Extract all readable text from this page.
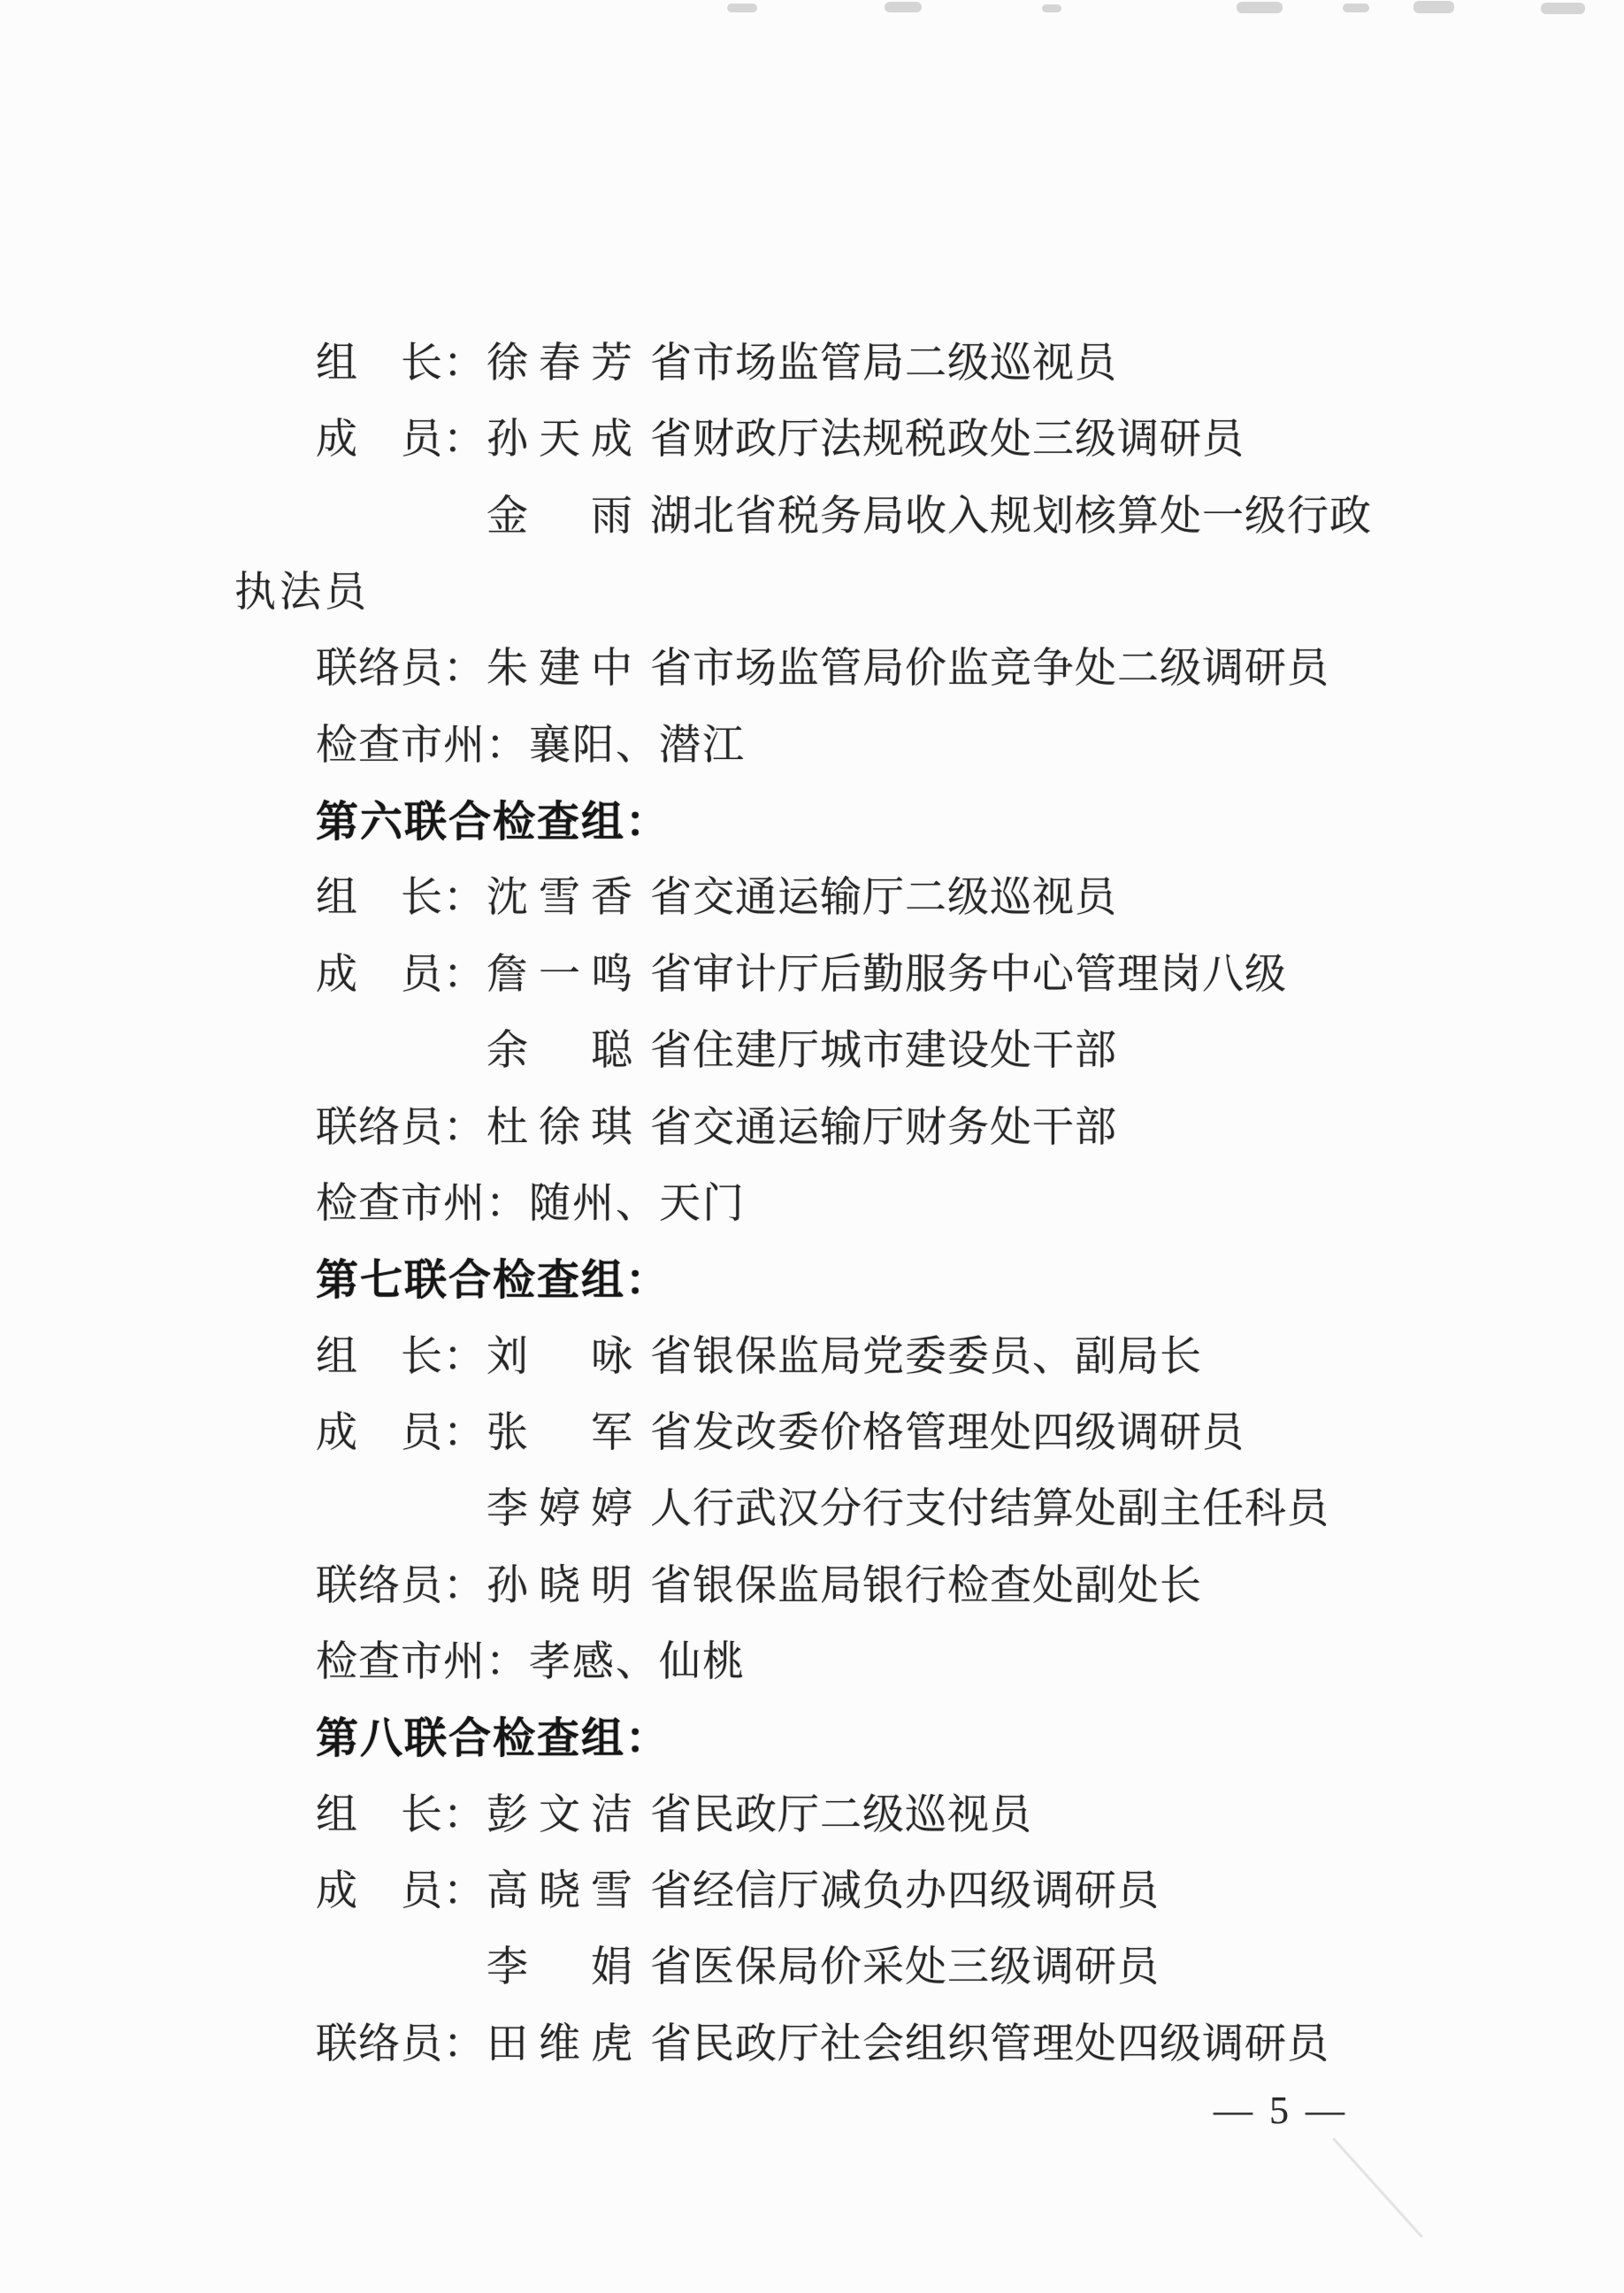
组　长： 徐春芳 省市场监管局二级巡视员
成　员： 孙天成 省财政厅法规税政处三级调研员
金　雨 湖北省税务局收入规划核算处一级行政
执法员
联络员： 朱建中 省市场监管局价监竞争处二级调研员
检查市州： 襄阳、潜江
第六联合检查组：
组　长： 沈雪香 省交通运输厅二级巡视员
成　员： 詹一鸣 省审计厅后勤服务中心管理岗八级
余　聪 省住建厅城市建设处干部
联络员： 杜徐琪 省交通运输厅财务处干部
检查市州： 随州、天门
第七联合检查组：
组　长： 刘　咏 省银保监局党委委员、副局长
成　员： 张　军 省发改委价格管理处四级调研员
李婷婷 人行武汉分行支付结算处副主任科员
联络员： 孙晓明 省银保监局银行检查处副处长
检查市州： 孝感、仙桃
第八联合检查组：
组　长： 彭文洁 省民政厅二级巡视员
成　员： 高晓雪 省经信厅减负办四级调研员
李　娟 省医保局价采处三级调研员
联络员： 田维虎 省民政厅社会组织管理处四级调研员
— 5 —
